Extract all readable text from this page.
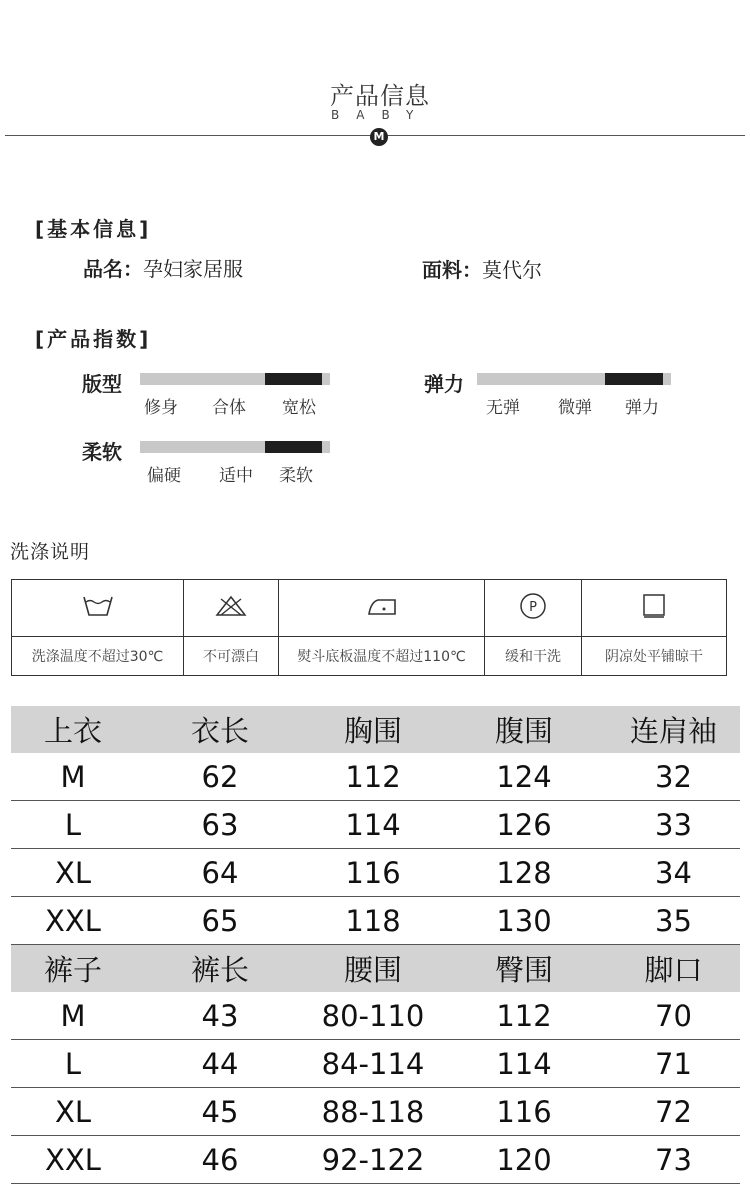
产品信息
BABY
M
[基本信息]
品名：孕妇家居服	面料：莫代尔
[产品指数]
版型
修身 合体 宽松
弹力
无弹 微弹 弹力
柔软
偏硬 适中 柔软
洗涤说明

P

洗涤温度不超过30℃	不可漂白	熨斗底板温度不超过110℃	缓和干洗	阴凉处平铺晾干
上衣	衣长	胸围	腹围	连肩袖
M	62	112	124	32
L	63	114	126	33
XL	64	116	128	34
XXL	65	118	130	35
裤子	裤长	腰围	臀围	脚口
M	43	80-110	112	70
L	44	84-114	114	71
XL	45	88-118	116	72
XXL	46	92-122	120	73
